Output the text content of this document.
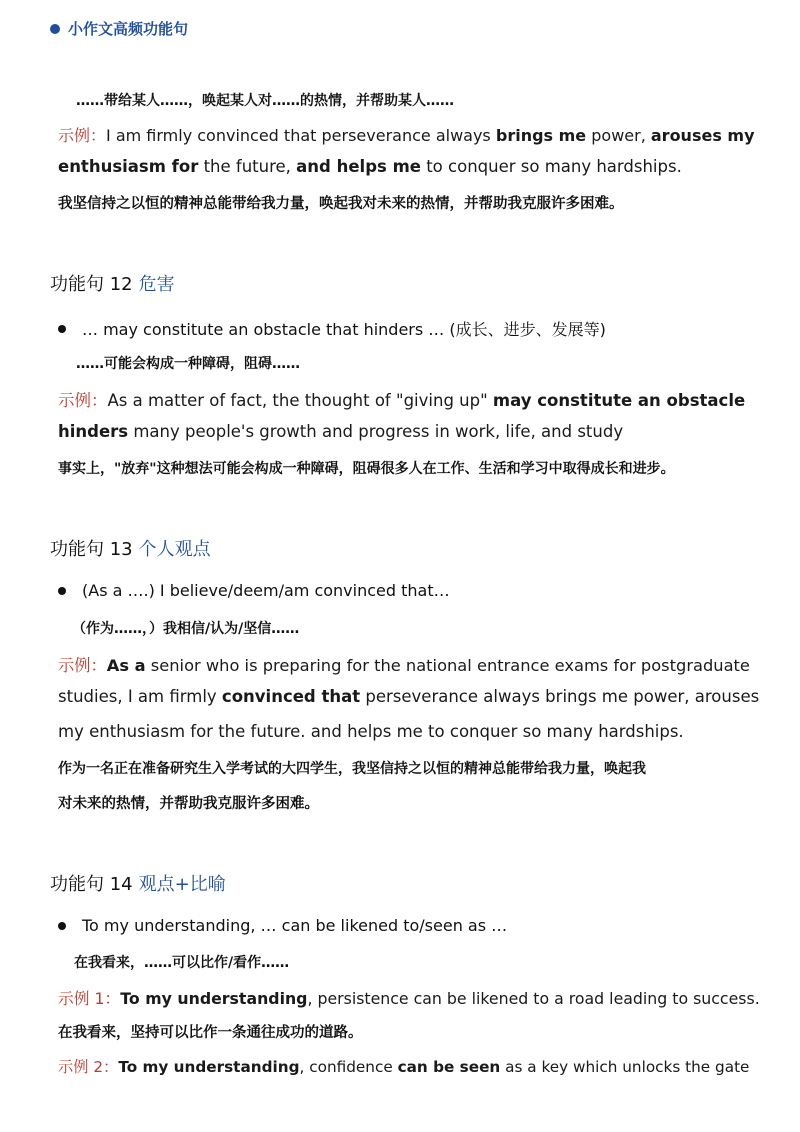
小作文高频功能句
……带给某人……，唤起某人对……的热情，并帮助某人……
示例：I am firmly convinced that perseverance always brings me power, arouses my
enthusiasm for the future, and helps me to conquer so many hardships.
我坚信持之以恒的精神总能带给我力量，唤起我对未来的热情，并帮助我克服许多困难。
功能句 12 危害
… may constitute an obstacle that hinders … (成长、进步、发展等)
……可能会构成一种障碍，阻碍……
示例：As a matter of fact, the thought of "giving up" may constitute an obstacle
hinders many people's growth and progress in work, life, and study
事实上，"放弃"这种想法可能会构成一种障碍，阻碍很多人在工作、生活和学习中取得成长和进步。
功能句 13 个人观点
(As a ….) I believe/deem/am convinced that…
（作为……，）我相信/认为/坚信……
示例：As a senior who is preparing for the national entrance exams for postgraduate
studies, I am firmly convinced that perseverance always brings me power, arouses
my enthusiasm for the future. and helps me to conquer so many hardships.
作为一名正在准备研究生入学考试的大四学生，我坚信持之以恒的精神总能带给我力量，唤起我
对未来的热情，并帮助我克服许多困难。
功能句 14 观点+比喻
To my understanding, … can be likened to/seen as …
在我看来，……可以比作/看作……
示例 1：To my understanding, persistence can be likened to a road leading to success.
在我看来，坚持可以比作一条通往成功的道路。
示例 2：To my understanding, confidence can be seen as a key which unlocks the gate
